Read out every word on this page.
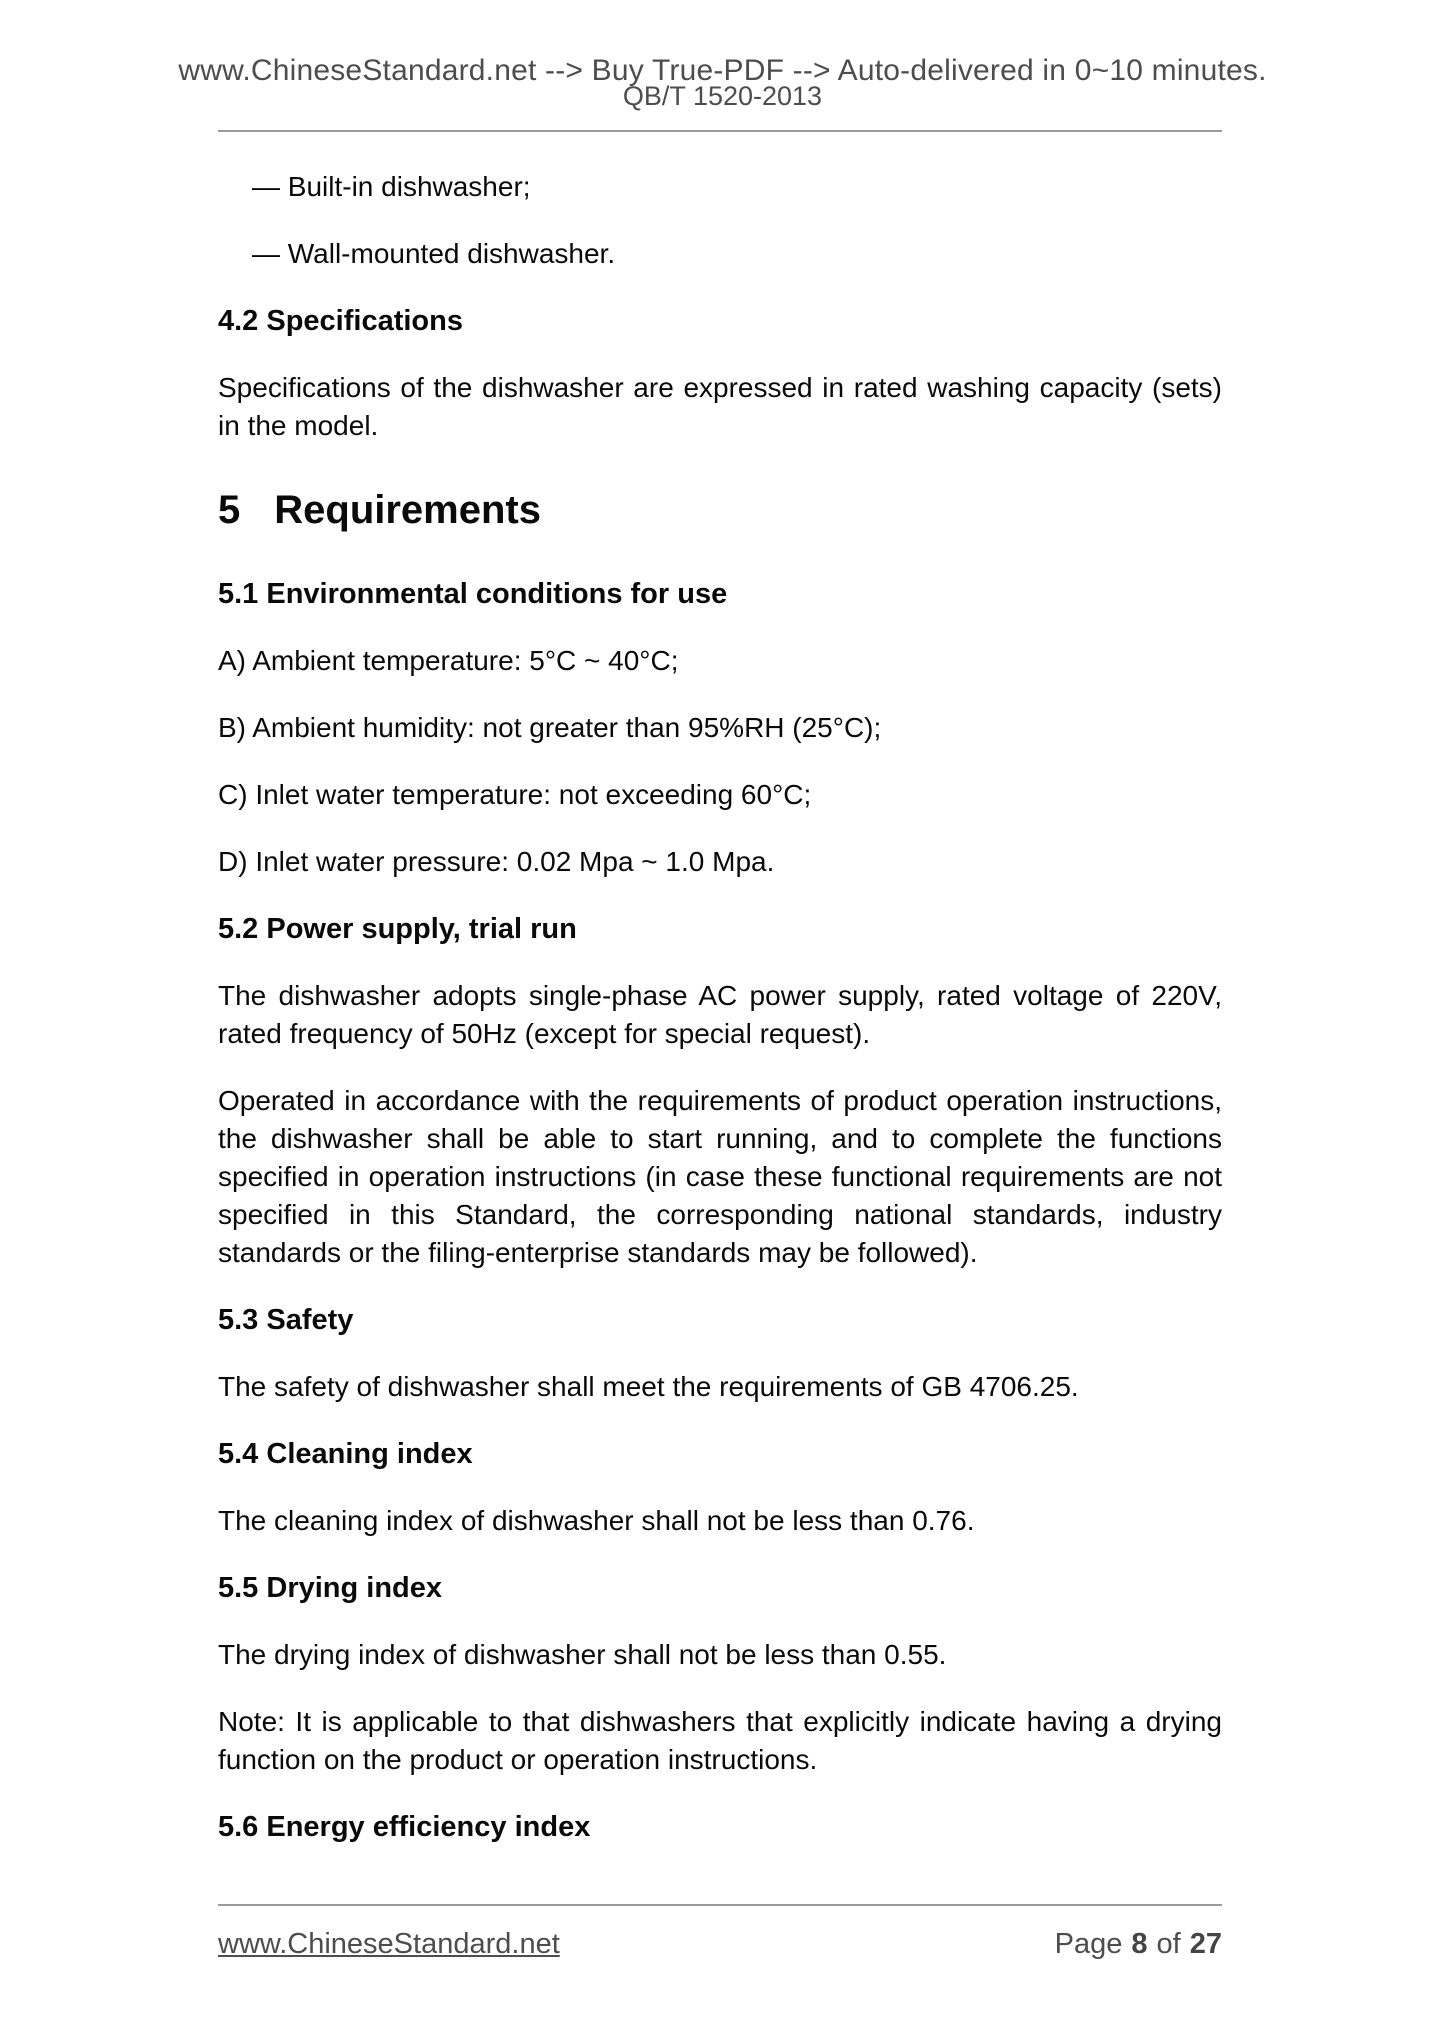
www.ChineseStandard.net --> Buy True-PDF --> Auto-delivered in 0~10 minutes.
QB/T 1520-2013

— Built-in dishwasher;

— Wall-mounted dishwasher.

4.2 Specifications

Specifications of the dishwasher are expressed in rated washing capacity (sets) in the model.

5 Requirements

5.1 Environmental conditions for use

A) Ambient temperature: 5°C ~ 40°C;

B) Ambient humidity: not greater than 95%RH (25°C);

C) Inlet water temperature: not exceeding 60°C;

D) Inlet water pressure: 0.02 Mpa ~ 1.0 Mpa.

5.2 Power supply, trial run

The dishwasher adopts single-phase AC power supply, rated voltage of 220V, rated frequency of 50Hz (except for special request).

Operated in accordance with the requirements of product operation instructions, the dishwasher shall be able to start running, and to complete the functions specified in operation instructions (in case these functional requirements are not specified in this Standard, the corresponding national standards, industry standards or the filing-enterprise standards may be followed).

5.3 Safety

The safety of dishwasher shall meet the requirements of GB 4706.25.

5.4 Cleaning index

The cleaning index of dishwasher shall not be less than 0.76.

5.5 Drying index

The drying index of dishwasher shall not be less than 0.55.

Note: It is applicable to that dishwashers that explicitly indicate having a drying function on the product or operation instructions.

5.6 Energy efficiency index

www.ChineseStandard.net	Page 8 of 27
